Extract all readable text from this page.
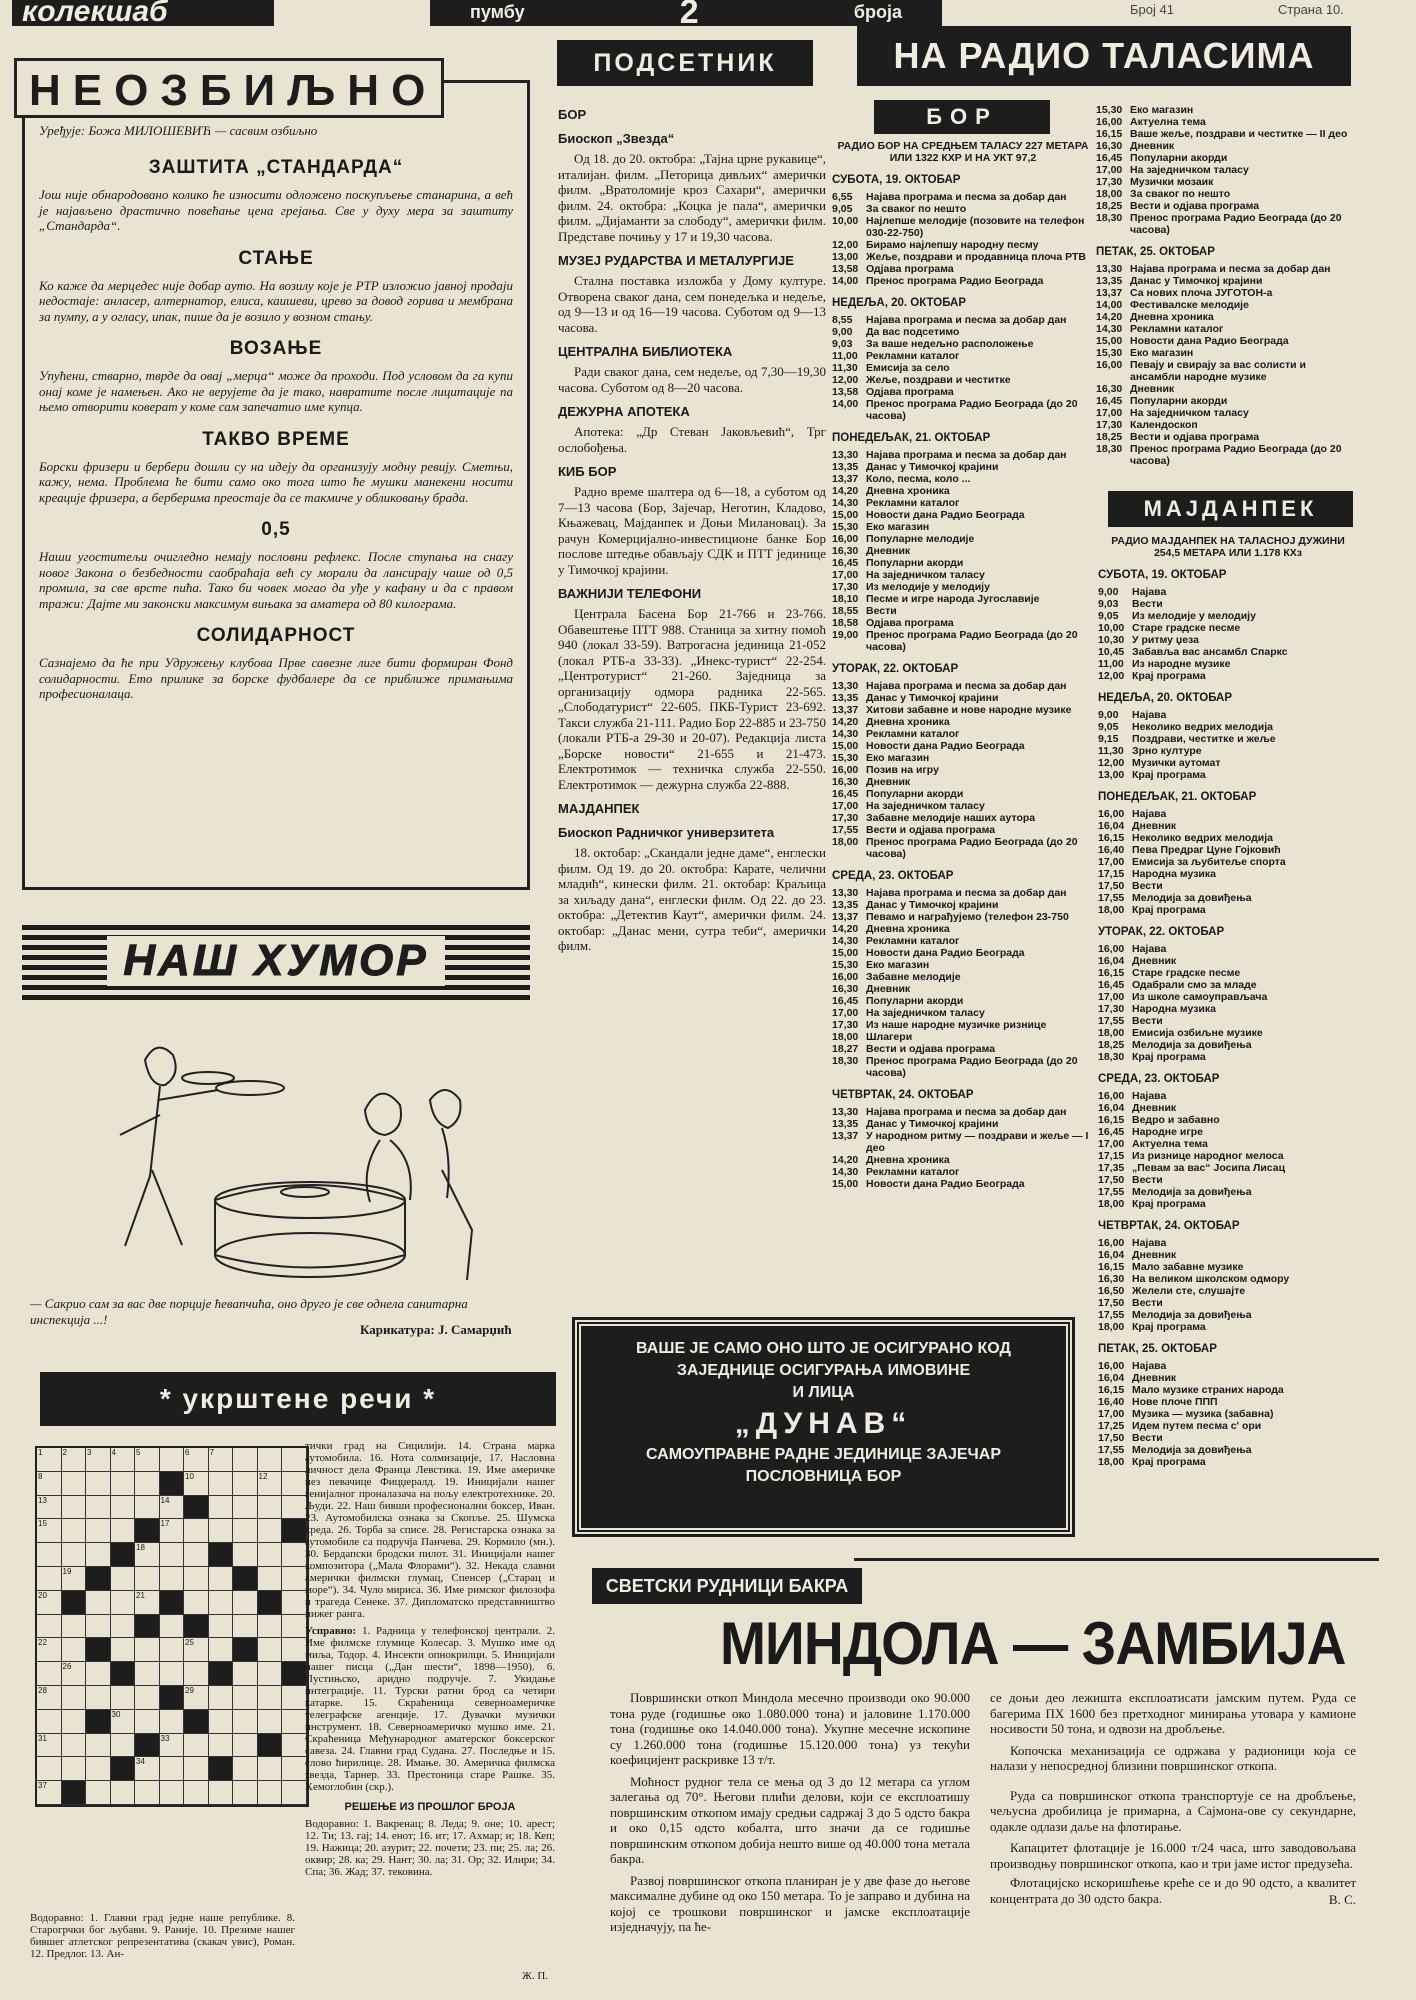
колекшаб	пумбу	2	броја	Број 41	Страна 10.
Уређује: Божа МИЛОШЕВИЋ — сасвим озбиљно
ЗАШТИТА „СТАНДАРДА“

Још није обнародовано колико ће износити одложено поскупљење станарина, а већ је најављено драстично повећање цена грејања. Све у духу мера за заштиту „Стандарда“.

СТАЊЕ

Ко каже да мерцедес није добар ауто. На возилу које је РТР изложио јавној продаји недостаје: анласер, алтернатор, елиса, каишеви, црево за довод горива и мембрана за пумпу, а у огласу, ипак, пише да је возило у возном стању.

ВОЗАЊЕ

Упућени, стварно, тврде да овај „мерца“ може да проходи. Под условом да га купи онај коме је намењен. Ако не верујете да је тако, навратите после лицитације па њемо отворити коверат у коме сам запечатио име купца.

ТАКВО ВРЕМЕ

Борски фризери и бербери дошли су на идеју да организују модну ревију. Сметњи, кажу, нема. Проблема ће бити само око тога што ће мушки манекени носити креације фризера, а берберима преостаје да се такмиче у обликовању брада.

0,5

Наши угоститељи очигледно немају пословни рефлекс. После ступања на снагу новог Закона о безбедности саобраћаја већ су морали да лансирају чаше од 0,5 промила, за све врсте пића. Тако би човек могао да уђе у кафану и да с правом тражи: Дајте ми законски максимум вињака за аматера од 80 килограма.

СОЛИДАРНОСТ

Сазнајемо да ће при Удружењу клубова Прве савезне лиге бити формиран Фонд солидарности. Ето прилике за борске фудбалере да се приближе примањима професионалаца.

НЕОЗБИЉНО
НАШ ХУМОР
— Сакрио сам за вас две порције ћевапчића, оно друго је све однела санитарна инспекција ...!
Карикатура: Ј. Самарџић
* укрштене речи *
1	2	3	4	5	6	7
8	10	12
13	14
15	17
18
19
20	21
22	25
26
28	29
30
31	33
34
37
тички град на Сицилији. 14. Страна марка аутомобила. 16. Нота солмизације, 17. Насловна личност дела Франца Левстика. 19. Име америчке џез певачице Фицџералд. 19. Иницијали нашег генијалног проналазача на пољу електротехнике. 20. Људи. 22. Наш бивши професионални боксер, Иван. 23. Аутомобилска ознака за Скопље. 25. Шумска креда. 26. Торба за списе. 28. Регистарска ознака за аутомобиле са подручја Панчева. 29. Кормило (мн.). 30. Бердапски бродски пилот. 31. Иницијали нашег композитора („Мала Флорами“). 32. Некада славни амерички филмски глумац, Спенсер („Старац и море“). 34. Чуло мириса. 36. Име римског филозофа и трагеда Сенеке. 37. Дипломатско представништво нижег ранга.
Усправно: 1. Радница у телефонској централи. 2. Име филмске глумице Колесар. 3. Мушко име од миља, Тодор. 4. Инсекти опнокрилци. 5. Иницијали нашег писца („Дан шести“, 1898—1950). 6. Пустињско, аридно подручје. 7. Укидање интеграције. 11. Турски ратни брод са четири катарке. 15. Скраћеница северноамеричке телеграфске агенције. 17. Дувачки музички инструмент. 18. Северноамеричко мушко име. 21. Скраћеница Међународног аматерског боксерског савеза. 24. Главни град Судана. 27. Последње и 15. слово ћирилице. 28. Имање. 30. Америчка филмска звезда, Тарнер. 33. Престоница старе Рашке. 35. Хемоглобин (скр.).
РЕШЕЊЕ ИЗ ПРОШЛОГ БРОЈА
Водоравно: 1. Вакренац; 8. Леда; 9. оне; 10. арест; 12. Ти; 13. гај; 14. енот; 16. ит; 17. Ахмар; и; 18. Кеп; 19. Нажица; 20. азурит; 22. почети; 23. пи; 25. ла; 26. оквир; 28. ка; 29. Нант; 30. ла; 31. Ор; 32. Илири; 34. Спа; 36. Жад; 37. тековина.
Водоравно: 1. Главни град једне наше републике. 8. Старогрчки бог љубави. 9. Раније. 10. Презиме нашег бившег атлетског репрезентатива (скакач увис), Роман. 12. Предлог. 13. Ан-
Ж. П.
ПОДСЕТНИК
БОР
Биоскоп „Звезда“

Од 18. до 20. октобра: „Тајна црне рукавице“, италијан. филм. „Петорица дивљих“ амерички филм. „Вратоломије кроз Сахари“, амерички филм. 24. октобра: „Коцка је пала“, амерички филм. „Дијаманти за слободу“, амерички филм. Представе почињу у 17 и 19,30 часова.

МУЗЕЈ РУДАРСТВА И МЕТАЛУРГИЈЕ

Стална поставка изложба у Дому културе. Отворена сваког дана, сем понедељка и недеље, од 9—13 и од 16—19 часова. Суботом од 9—13 часова.

ЦЕНТРАЛНА БИБЛИОТЕКА

Ради сваког дана, сем недеље, од 7,30—19,30 часова. Суботом од 8—20 часова.

ДЕЖУРНА АПОТЕКА

Апотека: „Др Стеван Јаковљевић“, Трг ослобођења.

КИБ БОР

Радно време шалтера од 6—18, а суботом од 7—13 часова (Бор, Зајечар, Неготин, Кладово, Књажевац, Мајданпек и Доњи Милановац). За рачун Комерцијално-инвестиционе банке Бор послове штедње обављају СДК и ПТТ јединице у Тимочкој крајини.

ВАЖНИЈИ ТЕЛЕФОНИ

Централа Басена Бор 21-766 и 23-766. Обавештење ПТТ 988. Станица за хитну помоћ 940 (локал 33-59). Ватрогасна јединица 21-052 (локал РТБ-а 33-33). „Инекс-турист“ 22-254. „Центротурист“ 21-260. Заједница за организацију одмора радника 22-565. „Слободатурист“ 22-605. ПКБ-Турист 23-692. Такси служба 21-111. Радио Бор 22-885 и 23-750 (локали РТБ-а 29-30 и 20-07). Редакција листа „Борске новости“ 21-655 и 21-473. Електротимок — техничка служба 22-550. Електротимок — дежурна служба 22-888.

МАЈДАНПЕК
Биоскоп Радничког универзитета

18. октобар: „Скандали једне даме“, енглески филм. Од 19. до 20. октобра: Карате, челични младић“, кинески филм. 21. октобар: Краљица за хиљаду дана“, енглески филм. Од 22. до 23. октобра: „Детектив Каут“, амерички филм. 24. октобар: „Данас мени, сутра теби“, амерички филм.

НА РАДИО ТАЛАСИМА
БОР
РАДИО БОР НА СРЕДЊЕМ ТАЛАСУ 227 МЕТАРА ИЛИ 1322 КХР И НА УКТ 97,2
СУБОТА, 19. ОКТОБАР
6,55	Најава програма и песма за добар дан
9,05	За сваког по нешто
10,00 Најлепше мелодије (позовите на телефон 030-22-750)
12,00 Бирамо најлепшу народну песму
13,00 Жеље, поздрави и продавница плоча РТВ
13,58 Одјава програма
14,00 Пренос програма Радио Београда
НЕДЕЉА, 20. ОКТОБАР
8,55	Најава програма и песма за добар дан
9,00	Да вас подсетимо
9,03	За ваше недељно расположење
11,00 Рекламни каталог
11,30 Емисија за село
12,00 Жеље, поздрави и честитке
13,58 Одјава програма
14,00 Пренос програма Радио Београда (до 20 часова)
ПОНЕДЕЉАК, 21. ОКТОБАР
13,30 Најава програма и песма за добар дан
13,35 Данас у Тимочкој крајини
13,37 Коло, песма, коло ...
14,20 Дневна хроника
14,30 Рекламни каталог
15,00 Новости дана Радио Београда
15,30 Еко магазин
16,00 Популарне мелодије
16,30 Дневник
16,45 Популарни акорди
17,00 На заједничком таласу
17,30 Из мелодије у мелодију
18,10 Песме и игре народа Југославије
18,55 Вести
18,58 Одјава програма
19,00 Пренос програма Радио Београда (до 20 часова)
УТОРАК, 22. ОКТОБАР
13,30 Најава програма и песма за добар дан
13,35 Данас у Тимочкој крајини
13,37 Хитови забавне и нове народне музике
14,20 Дневна хроника
14,30 Рекламни каталог
15,00 Новости дана Радио Београда
15,30 Еко магазин
16,00 Позив на игру
16,30 Дневник
16,45 Популарни акорди
17,00 На заједничком таласу
17,30 Забавне мелодије наших аутора
17,55 Вести и одјава програма
18,00 Пренос програма Радио Београда (до 20 часова)
СРЕДА, 23. ОКТОБАР
13,30 Најава програма и песма за добар дан
13,35 Данас у Тимочкој крајини
13,37 Певамо и награђујемо (телефон 23-750
14,20 Дневна хроника
14,30 Рекламни каталог
15,00 Новости дана Радио Београда
15,30 Еко магазин
16,00 Забавне мелодије
16,30 Дневник
16,45 Популарни акорди
17,00 На заједничком таласу
17,30 Из наше народне музичке ризнице
18,00 Шлагери
18,27 Вести и одјава програма
18,30 Пренос програма Радио Београда (до 20 часова)
ЧЕТВРТАК, 24. ОКТОБАР
13,30 Најава програма и песма за добар дан
13,35 Данас у Тимочкој крајини
13,37 У народном ритму — поздрави и жеље — I део
14,20 Дневна хроника
14,30 Рекламни каталог
15,00 Новости дана Радио Београда
15,30 Еко магазин
16,00 Актуелна тема
16,15 Ваше жеље, поздрави и честитке — II део
16,30 Дневник
16,45 Популарни акорди
17,00 На заједничком таласу
17,30 Музички мозаик
18,00 За сваког по нешто
18,25 Вести и одјава програма
18,30 Пренос програма Радио Београда (до 20 часова)
ПЕТАК, 25. ОКТОБАР
13,30 Најава програма и песма за добар дан
13,35 Данас у Тимочкој крајини
13,37 Са нових плоча ЈУГОТОН-а
14,00 Фестивалске мелодије
14,20 Дневна хроника
14,30 Рекламни каталог
15,00 Новости дана Радио Београда
15,30 Еко магазин
16,00 Певају и свирају за вас солисти и ансамбли народне музике
16,30 Дневник
16,45 Популарни акорди
17,00 На заједничком таласу
17,30 Календоскоп
18,25 Вести и одјава програма
18,30 Пренос програма Радио Београда (до 20 часова)
МАЈДАНПЕК
РАДИО МАЈДАНПЕК НА ТАЛАСНОЈ ДУЖИНИ 254,5 МЕТАРА ИЛИ 1.178 КХз
СУБОТА, 19. ОКТОБАР
9,00	Најава
9,03	Вести
9,05	Из мелодије у мелодију
10,00 Старе градске песме
10,30 У ритму џеза
10,45 Забавља вас ансамбл Спаркс
11,00 Из народне музике
12,00 Крај програма
НЕДЕЉА, 20. ОКТОБАР
9,00	Најава
9,05	Неколико ведрих мелодија
9,15	Поздрави, честитке и жеље
11,30 Зрно културе
12,00 Музички аутомат
13,00 Крај програма
ПОНЕДЕЉАК, 21. ОКТОБАР
16,00 Најава
16,04 Дневник
16,15 Неколико ведрих мелодија
16,40 Пева Предраг Цуне Гојковић
17,00 Емисија за љубитеље спорта
17,15 Народна музика
17,50 Вести
17,55 Мелодија за довиђења
18,00 Крај програма
УТОРАК, 22. ОКТОБАР
16,00 Најава
16,04 Дневник
16,15 Старе градске песме
16,45 Одабрали смо за младе
17,00 Из школе самоуправљача
17,30 Народна музика
17,55 Вести
18,00 Емисија озбиљне музике
18,25 Мелодија за довиђења
18,30 Крај програма
СРЕДА, 23. ОКТОБАР
16,00 Најава
16,04 Дневник
16,15 Ведро и забавно
16,45 Народне игре
17,00 Актуелна тема
17,15 Из ризнице народног мелоса
17,35 „Певам за вас“ Јосипа Лисац
17,50 Вести
17,55 Мелодија за довиђења
18,00 Крај програма
ЧЕТВРТАК, 24. ОКТОБАР
16,00 Најава
16,04 Дневник
16,15 Мало забавне музике
16,30 На великом школском одмору
16,50 Желели сте, слушајте
17,50 Вести
17,55 Мелодија за довиђења
18,00 Крај програма
ПЕТАК, 25. ОКТОБАР
16,00 Најава
16,04 Дневник
16,15 Мало музике страних народа
16,40 Нове плоче ППП
17,00 Музика — музика (забавна)
17,25 Идем путем песма с' ори
17,50 Вести
17,55 Мелодија за довиђења
18,00 Крај програма
ВАШЕ ЈЕ САМО ОНО ШТО ЈЕ ОСИГУРАНО КОД
ЗАЈЕДНИЦЕ ОСИГУРАЊА ИМОВИНЕ
И ЛИЦА
„ДУНАВ“
САМОУПРАВНЕ РАДНЕ ЈЕДИНИЦЕ ЗАЈЕЧАР
ПОСЛОВНИЦА БОР
СВЕТСКИ РУДНИЦИ БАКРА
МИНДОЛА — ЗАМБИЈА

Површински откоп Миндола месечно производи око 90.000 тона руде (годишње око 1.080.000 тона) и јаловине 1.170.000 тона (годишње око 14.040.000 тона). Укупне месечне ископине су 1.260.000 тона (годишње 15.120.000 тона) уз текући коефицијент раскривке 13 т/т.

Моћност рудног тела се мења од 3 до 12 метара са углом залегања од 70°. Његови плићи делови, који се експлоатишу површинским откопом имају средњи садржај 3 до 5 одсто бакра и око 0,15 одсто кобалта, што значи да се годишње површинским откопом добија нешто више од 40.000 тона метала бакра.

Развој површинског откопа планиран је у две фазе до његове максималне дубине од око 150 метара. То је заправо и дубина на којој се трошкови површинског и јамске експлоатације изједначују, па ће-

се доњи део лежишта експлоатисати јамским путем. Руда се багерима ПХ 1600 без претходног минирања утовара у камионе носивости 50 тона, и одвози на дробљење.

Копочска механизација се одржава у радионици која се налази у непосредној близини површинског откопа.

Руда са површинског откопа транспортује се на дробљење, чељусна дробилица је примарна, а Сајмона-ове су секундарне, одакле одлази даље на флотирање.

Капацитет флотације је 16.000 т/24 часа, што заводовољава производњу површинског откопа, као и три јаме истог предузећа.

Флотацијско искоришћење креће се и до 90 одсто, а квалитет концентрата до 30 одсто бакра.	В. С.
